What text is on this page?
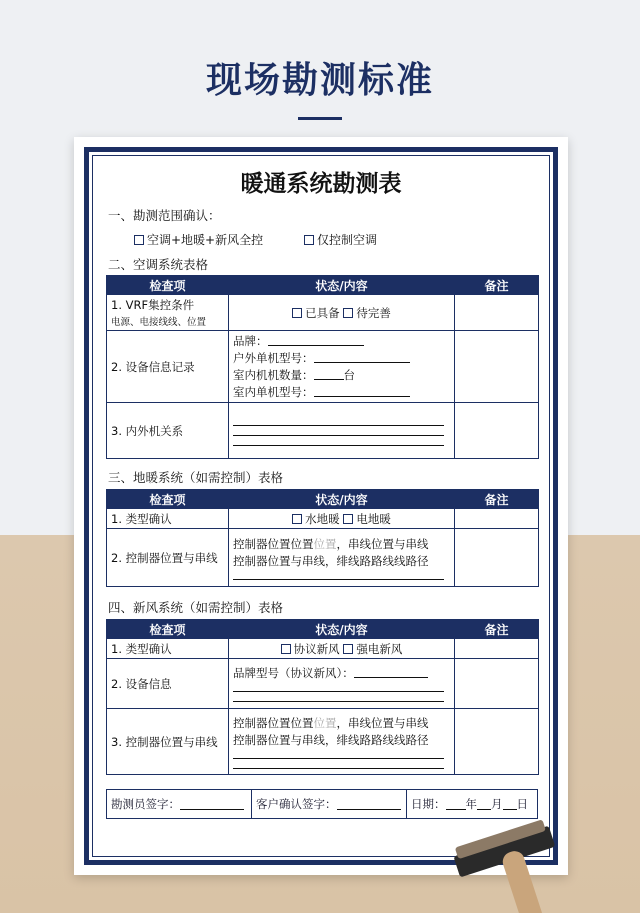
现场勘测标准
暖通系统勘测表
一、勘测范围确认：
空调+地暖+新风全控	仅控制空调
二、空调系统表格
检查项	状态/内容	备注
1. VRF集控条件
电源、电接线线、位置	已具备 待完善	
2. 设备信息记录	品牌：
户外单机型号：
室内机机数量： 台
室内单机型号：	

3. 内外机关系	

三、地暖系统（如需控制）表格
检查项	状态/内容	备注
1. 类型确认	水地暖 电地暖	
2. 控制器位置与串线	控制器位置位置位置，串线位置与串线
控制器位置与串线，绯线路路线线路径	

四、新风系统（如需控制）表格
检查项	状态/内容	备注
1. 类型确认	协议新风 强电新风	
2. 设备信息	品牌型号（协议新风）：	

3. 控制器位置与串线	控制器位置位置位置，串线位置与串线
控制器位置与串线，绯线路路线线路径	

勘测员签字：	客户确认签字：	日期： 年 月 日
